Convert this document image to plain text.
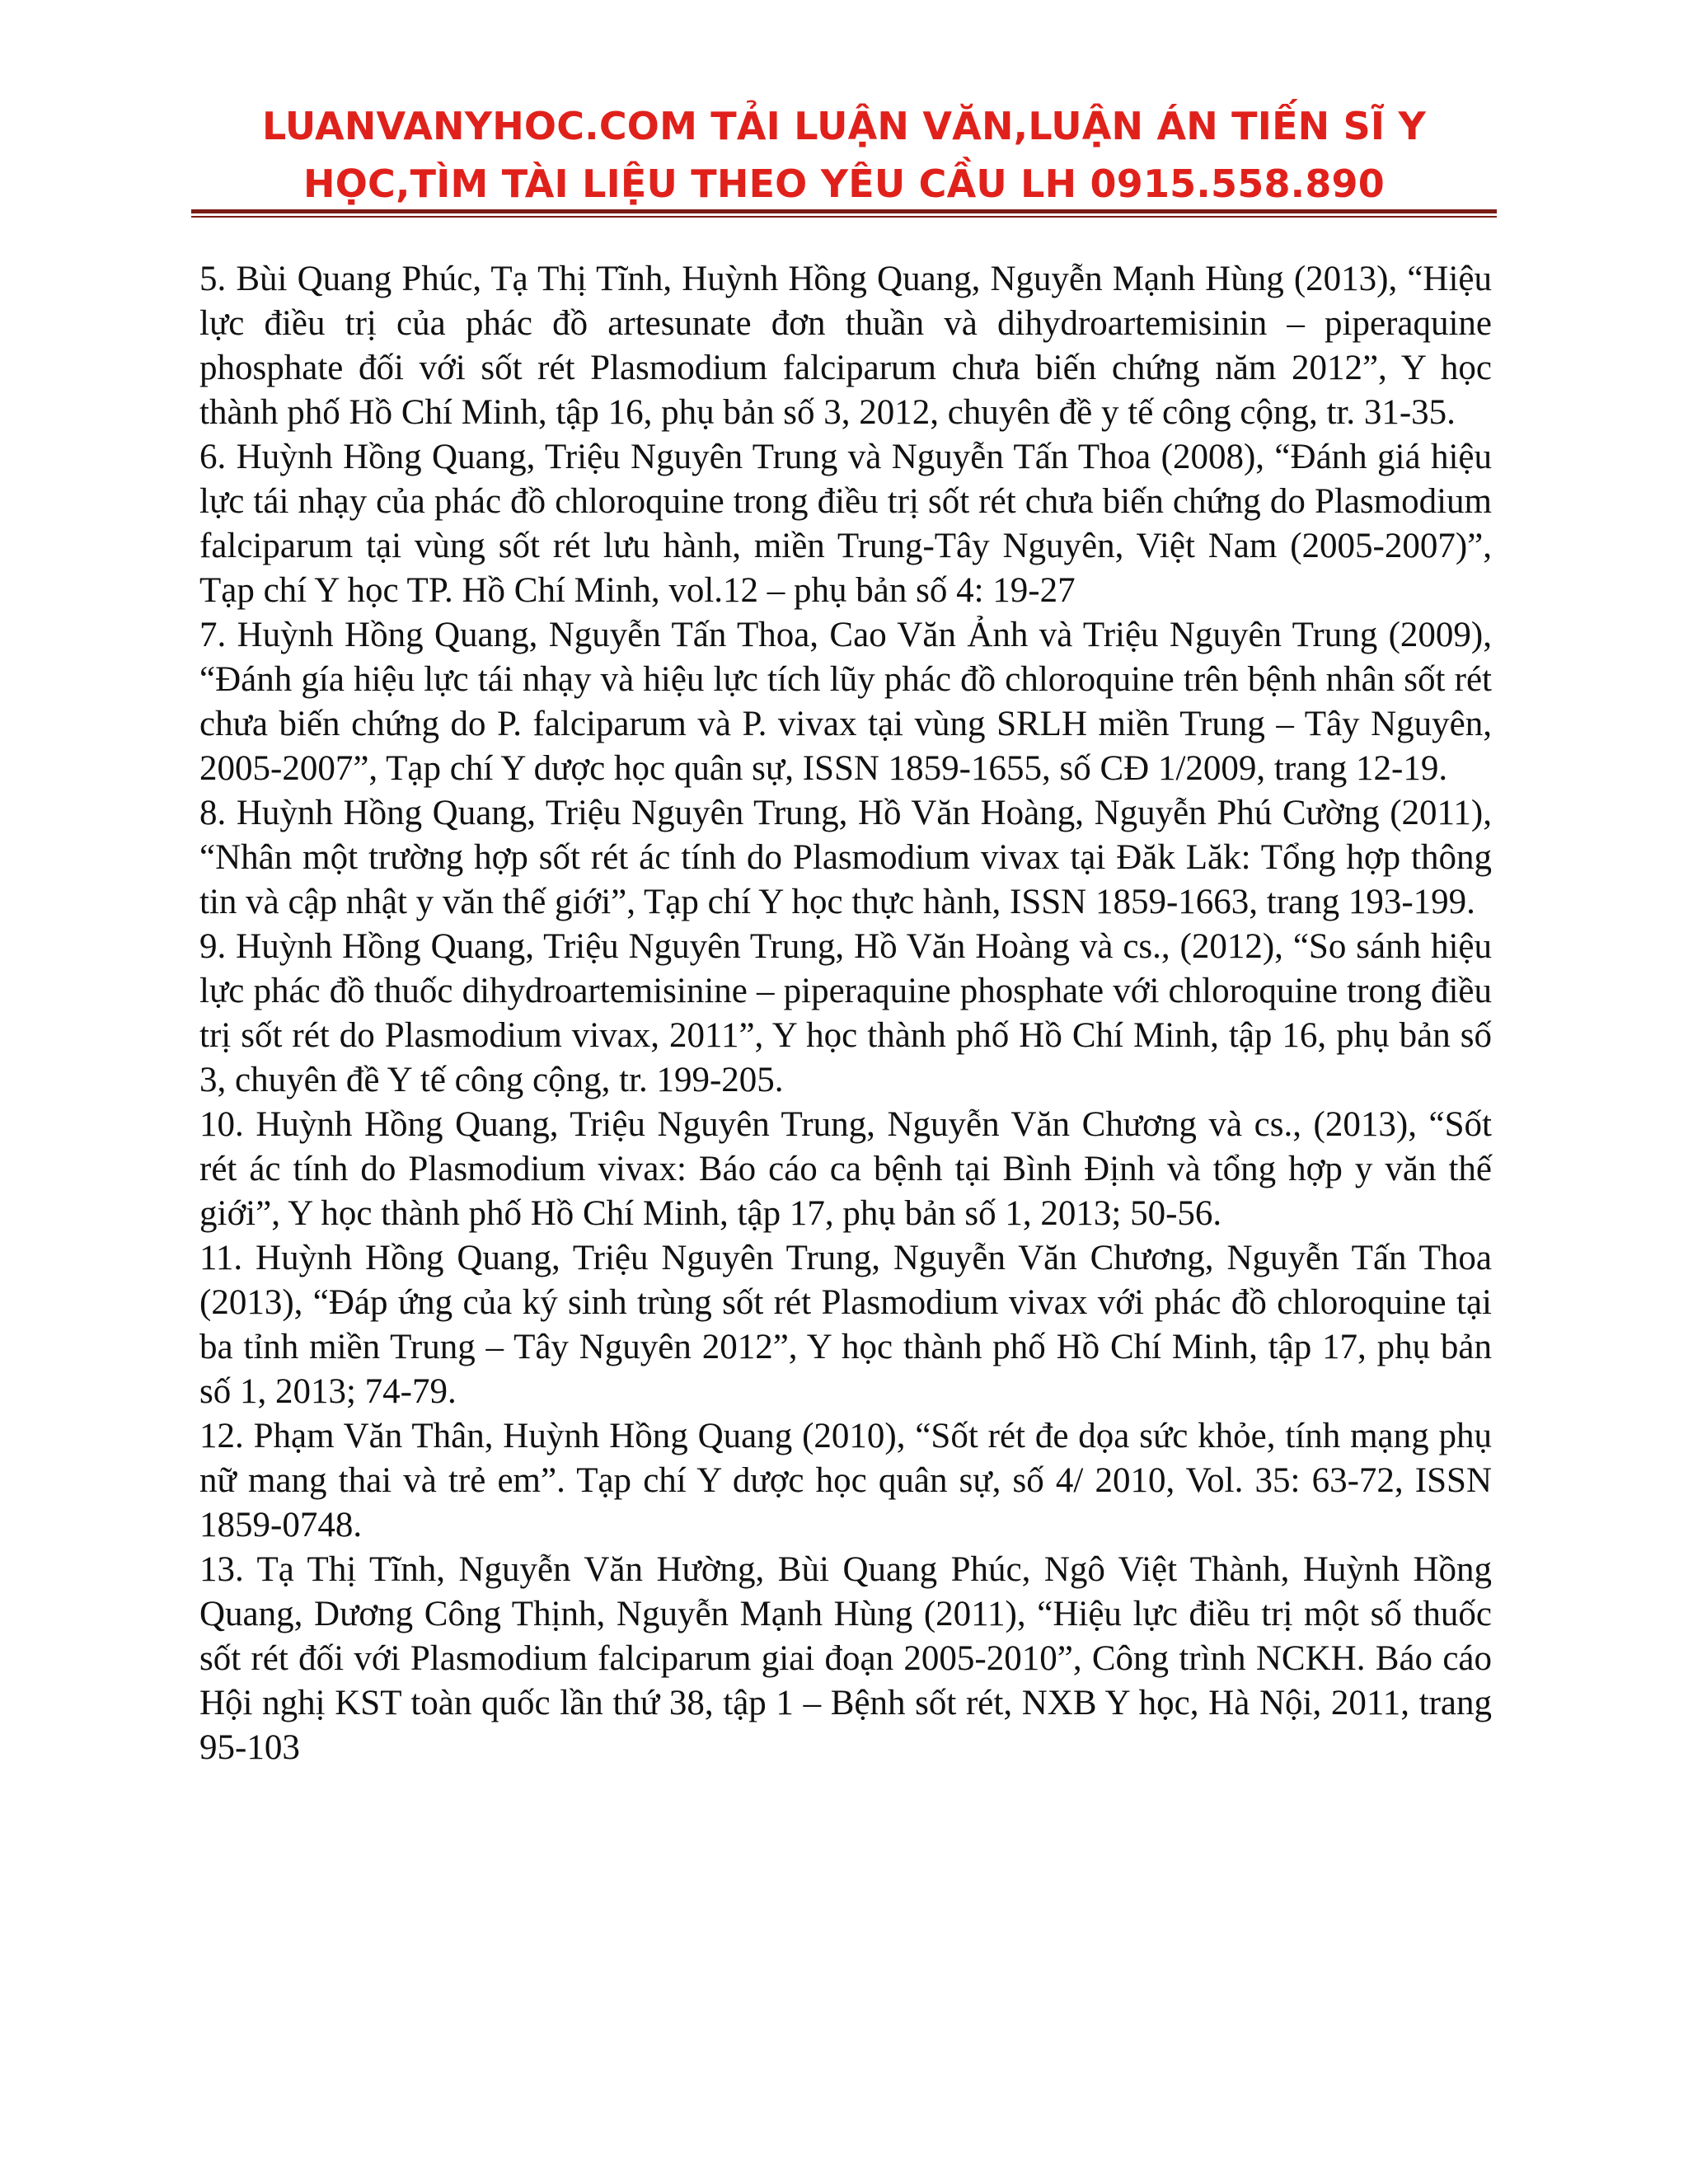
LUANVANYHOC.COM TẢI LUẬN VĂN,LUẬN ÁN TIẾN SĨ Y
HỌC,TÌM TÀI LIỆU THEO YÊU CẦU LH 0915.558.890

5. Bùi Quang Phúc, Tạ Thị Tĩnh, Huỳnh Hồng Quang, Nguyễn Mạnh Hùng (2013), “Hiệu lực điều trị của phác đồ artesunate đơn thuần và dihydroartemisinin – piperaquine phosphate đối với sốt rét Plasmodium falciparum chưa biến chứng năm 2012”, Y học thành phố Hồ Chí Minh, tập 16, phụ bản số 3, 2012, chuyên đề y tế công cộng, tr. 31-35.

6. Huỳnh Hồng Quang, Triệu Nguyên Trung và Nguyễn Tấn Thoa (2008), “Đánh giá hiệu lực tái nhạy của phác đồ chloroquine trong điều trị sốt rét chưa biến chứng do Plasmodium falciparum tại vùng sốt rét lưu hành, miền Trung-Tây Nguyên, Việt Nam (2005-2007)”, Tạp chí Y học TP. Hồ Chí Minh, vol.12 – phụ bản số 4: 19-27

7. Huỳnh Hồng Quang, Nguyễn Tấn Thoa, Cao Văn Ảnh và Triệu Nguyên Trung (2009), “Đánh gía hiệu lực tái nhạy và hiệu lực tích lũy phác đồ chloroquine trên bệnh nhân sốt rét chưa biến chứng do P. falciparum và P. vivax tại vùng SRLH miền Trung – Tây Nguyên, 2005-2007”, Tạp chí Y dược học quân sự, ISSN 1859-1655, số CĐ 1/2009, trang 12-19.

8. Huỳnh Hồng Quang, Triệu Nguyên Trung, Hồ Văn Hoàng, Nguyễn Phú Cường (2011), “Nhân một trường hợp sốt rét ác tính do Plasmodium vivax tại Đăk Lăk: Tổng hợp thông tin và cập nhật y văn thế giới”, Tạp chí Y học thực hành, ISSN 1859-1663, trang 193-199.

9. Huỳnh Hồng Quang, Triệu Nguyên Trung, Hồ Văn Hoàng và cs., (2012), “So sánh hiệu lực phác đồ thuốc dihydroartemisinine – piperaquine phosphate với chloroquine trong điều trị sốt rét do Plasmodium vivax, 2011”, Y học thành phố Hồ Chí Minh, tập 16, phụ bản số 3, chuyên đề Y tế công cộng, tr. 199-205.

10. Huỳnh Hồng Quang, Triệu Nguyên Trung, Nguyễn Văn Chương và cs., (2013), “Sốt rét ác tính do Plasmodium vivax: Báo cáo ca bệnh tại Bình Định và tổng hợp y văn thế giới”, Y học thành phố Hồ Chí Minh, tập 17, phụ bản số 1, 2013; 50-56.

11. Huỳnh Hồng Quang, Triệu Nguyên Trung, Nguyễn Văn Chương, Nguyễn Tấn Thoa (2013), “Đáp ứng của ký sinh trùng sốt rét Plasmodium vivax với phác đồ chloroquine tại ba tỉnh miền Trung – Tây Nguyên 2012”, Y học thành phố Hồ Chí Minh, tập 17, phụ bản số 1, 2013; 74-79.

12. Phạm Văn Thân, Huỳnh Hồng Quang (2010), “Sốt rét đe dọa sức khỏe, tính mạng phụ nữ mang thai và trẻ em”. Tạp chí Y dược học quân sự, số 4/ 2010, Vol. 35: 63-72, ISSN 1859-0748.

13. Tạ Thị Tĩnh, Nguyễn Văn Hường, Bùi Quang Phúc, Ngô Việt Thành, Huỳnh Hồng Quang, Dương Công Thịnh, Nguyễn Mạnh Hùng (2011), “Hiệu lực điều trị một số thuốc sốt rét đối với Plasmodium falciparum giai đoạn 2005-2010”, Công trình NCKH. Báo cáo Hội nghị KST toàn quốc lần thứ 38, tập 1 – Bệnh sốt rét, NXB Y học, Hà Nội, 2011, trang 95-103
